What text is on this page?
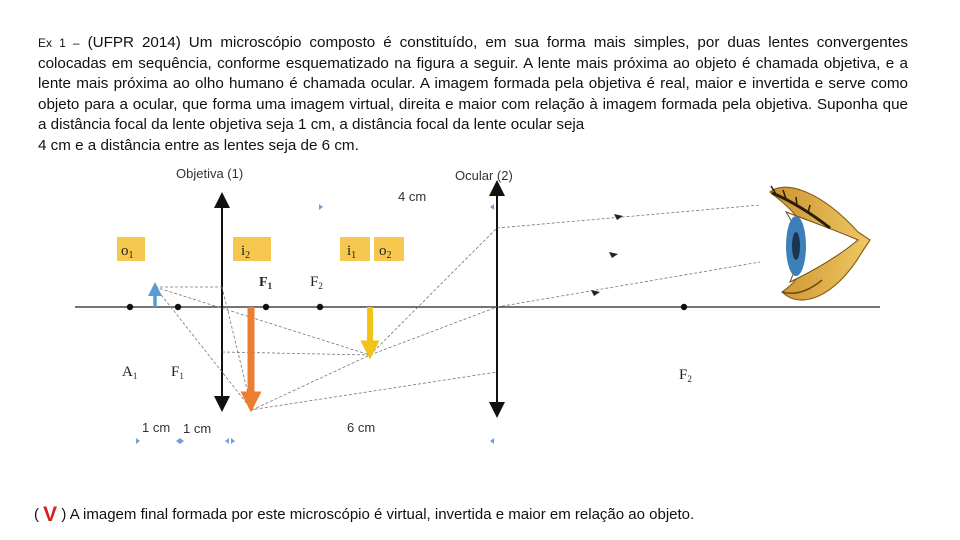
Ex 1 – (UFPR 2014) Um microscópio composto é constituído, em sua forma mais simples, por duas lentes convergentes colocadas em sequência, conforme esquematizado na figura a seguir. A lente mais próxima ao objeto é chamada objetiva, e a lente mais próxima ao olho humano é chamada ocular. A imagem formada pela objetiva é real, maior e invertida e serve como objeto para a ocular, que forma uma imagem virtual, direita e maior com relação à imagem formada pela objetiva. Suponha que a distância focal da lente objetiva seja 1 cm, a distância focal da lente ocular seja
4 cm e a distância entre as lentes seja de 6 cm.
Objetiva (1)	Ocular (2)
4 cm
6 cm
1 cm 1 cm
$o_1$	$i_2$	$i_1$ $o_2$
$F_1$	$F_2$
$A_1$ $F_1$	$F_2$
( V ) A imagem final formada por este microscópio é virtual, invertida e maior em relação ao objeto.
